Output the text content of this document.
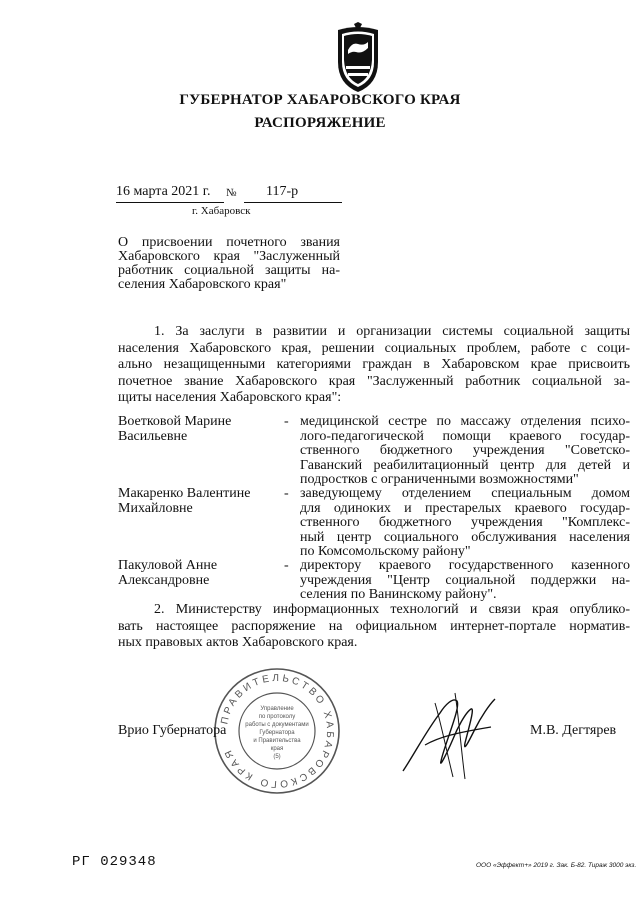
ГУБЕРНАТОР ХАБАРОВСКОГО КРАЯ
РАСПОРЯЖЕНИЕ
16 марта 2021 г. № 117-р
г. Хабаровск
О присвоении почетного звания
Хабаровского края "Заслуженный
работник социальной защиты на-
селения Хабаровского края"
1. За заслуги в развитии и организации системы социальной защиты
населения Хабаровского края, решении социальных проблем, работе с соци-
ально незащищенными категориями граждан в Хабаровском крае присвоить
почетное звание Хабаровского края "Заслуженный работник социальной за-
щиты населения Хабаровского края":
Воетковой Марине
Васильевне
- медицинской сестре по массажу отделения психо-
лого-педагогической помощи краевого государ-
ственного бюджетного учреждения "Советско-
Гаванский реабилитационный центр для детей и
подростков с ограниченными возможностями"
Макаренко Валентине
Михайловне
- заведующему отделением специальным домом
для одиноких и престарелых краевого государ-
ственного бюджетного учреждения "Комплекс-
ный центр социального обслуживания населения
по Комсомольскому району"
Пакуловой Анне
Александровне
- директору краевого государственного казенного
учреждения "Центр социальной поддержки на-
селения по Ванинскому району".
2. Министерству информационных технологий и связи края опублико-
вать настоящее распоряжение на официальном интернет-портале норматив-
ных правовых актов Хабаровского края.
ПРАВИТЕЛЬСТВО ХАБАРОВСКОГО КРАЯ
Управление
по протоколу
работы с документами
Губернатора
и Правительства
края
(5)
Врио Губернатора	М.В. Дегтярев
РГ 029348	ООО «Эффект+» 2019 г. Зак. Б-82. Тираж 3000 экз.
